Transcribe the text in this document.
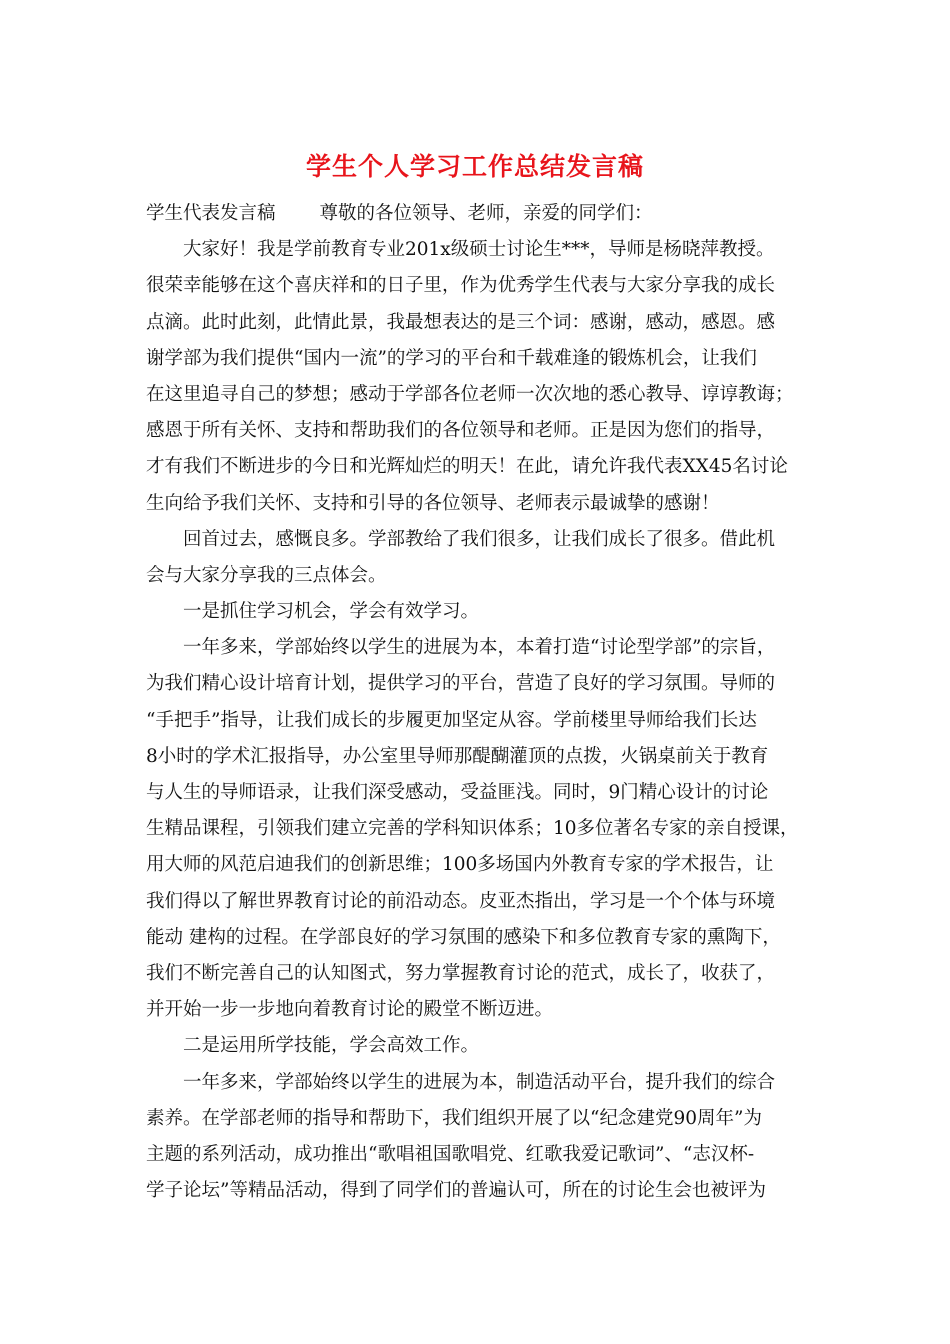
学生个人学习工作总结发言稿
学生代表发言稿 尊敬的各位领导、老师，亲爱的同学们：
大家好！我是学前教育专业201x级硕士讨论生***，导师是杨晓萍教授。
很荣幸能够在这个喜庆祥和的日子里，作为优秀学生代表与大家分享我的成长
点滴。此时此刻，此情此景，我最想表达的是三个词：感谢，感动，感恩。感
谢学部为我们提供“国内一流”的学习的平台和千载难逢的锻炼机会，让我们
在这里追寻自己的梦想；感动于学部各位老师一次次地的悉心教导、谆谆教诲；
感恩于所有关怀、支持和帮助我们的各位领导和老师。正是因为您们的指导，
才有我们不断进步的今日和光辉灿烂的明天！在此，请允许我代表XX45名讨论
生向给予我们关怀、支持和引导的各位领导、老师表示最诚挚的感谢！
回首过去，感慨良多。学部教给了我们很多，让我们成长了很多。借此机
会与大家分享我的三点体会。
一是抓住学习机会，学会有效学习。
一年多来，学部始终以学生的进展为本，本着打造“讨论型学部”的宗旨，
为我们精心设计培育计划，提供学习的平台，营造了良好的学习氛围。导师的
“手把手”指导，让我们成长的步履更加坚定从容。学前楼里导师给我们长达
8小时的学术汇报指导，办公室里导师那醍醐灌顶的点拨，火锅桌前关于教育
与人生的导师语录，让我们深受感动，受益匪浅。同时，9门精心设计的讨论
生精品课程，引领我们建立完善的学科知识体系；10多位著名专家的亲自授课，
用大师的风范启迪我们的创新思维；100多场国内外教育专家的学术报告，让
我们得以了解世界教育讨论的前沿动态。皮亚杰指出，学习是一个个体与环境
能动 建构的过程。在学部良好的学习氛围的感染下和多位教育专家的熏陶下，
我们不断完善自己的认知图式，努力掌握教育讨论的范式，成长了，收获了，
并开始一步一步地向着教育讨论的殿堂不断迈进。
二是运用所学技能，学会高效工作。
一年多来，学部始终以学生的进展为本，制造活动平台，提升我们的综合
素养。在学部老师的指导和帮助下，我们组织开展了以“纪念建党90周年”为
主题的系列活动，成功推出“歌唱祖国歌唱党、红歌我爱记歌词”、“志汉杯-
学子论坛”等精品活动，得到了同学们的普遍认可，所在的讨论生会也被评为
